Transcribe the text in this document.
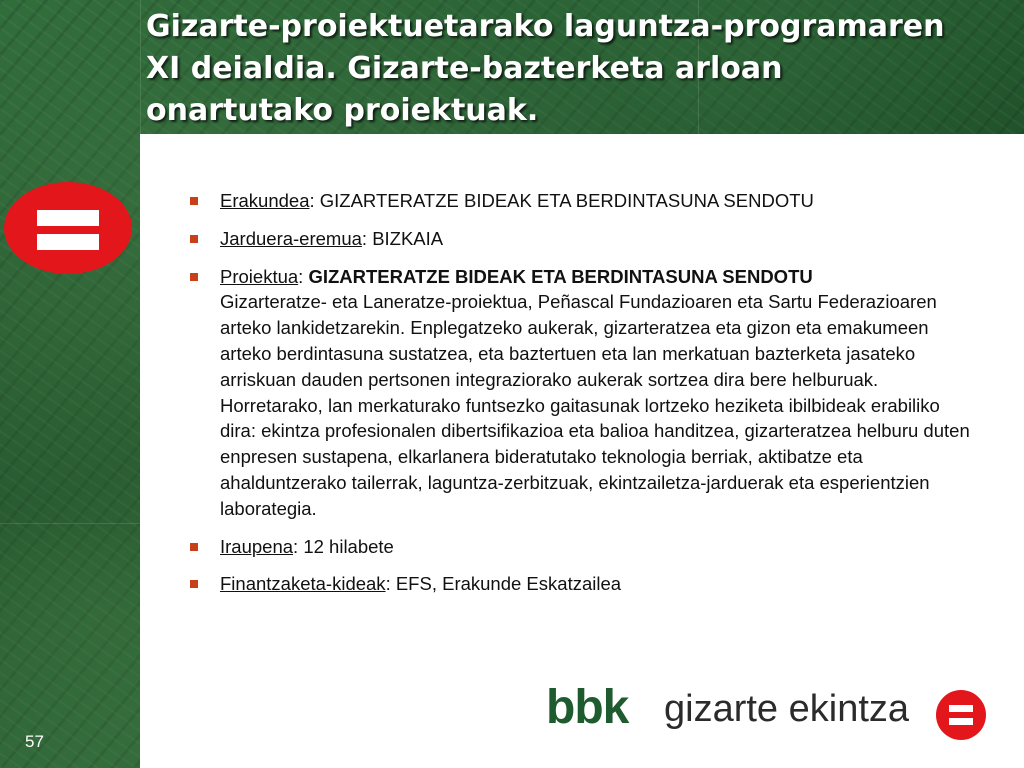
Gizarte-proiektuetarako laguntza-programaren
XI deialdia. Gizarte-bazterketa arloan
onartutako proiektuak.
Erakundea: GIZARTERATZE BIDEAK ETA BERDINTASUNA SENDOTU
Jarduera-eremua: BIZKAIA
Proiektua: GIZARTERATZE BIDEAK ETA BERDINTASUNA SENDOTU
Gizarteratze- eta Laneratze-proiektua, Peñascal Fundazioaren eta Sartu Federazioaren arteko lankidetzarekin. Enplegatzeko aukerak, gizarteratzea eta gizon eta emakumeen arteko berdintasuna sustatzea, eta baztertuen eta lan merkatuan bazterketa jasateko arriskuan dauden pertsonen integraziorako aukerak sortzea dira bere helburuak. Horretarako, lan merkaturako funtsezko gaitasunak lortzeko heziketa ibilbideak erabiliko dira: ekintza profesionalen dibertsifikazioa eta balioa handitzea, gizarteratzea helburu duten enpresen sustapena, elkarlanera bideratutako teknologia berriak, aktibatze eta ahalduntzerako tailerrak, laguntza-zerbitzuak, ekintzailetza-jarduerak eta esperientzien laborategia.
Iraupena: 12 hilabete
Finantzaketa-kideak: EFS, Erakunde Eskatzailea
57
bbk gizarte ekintza
